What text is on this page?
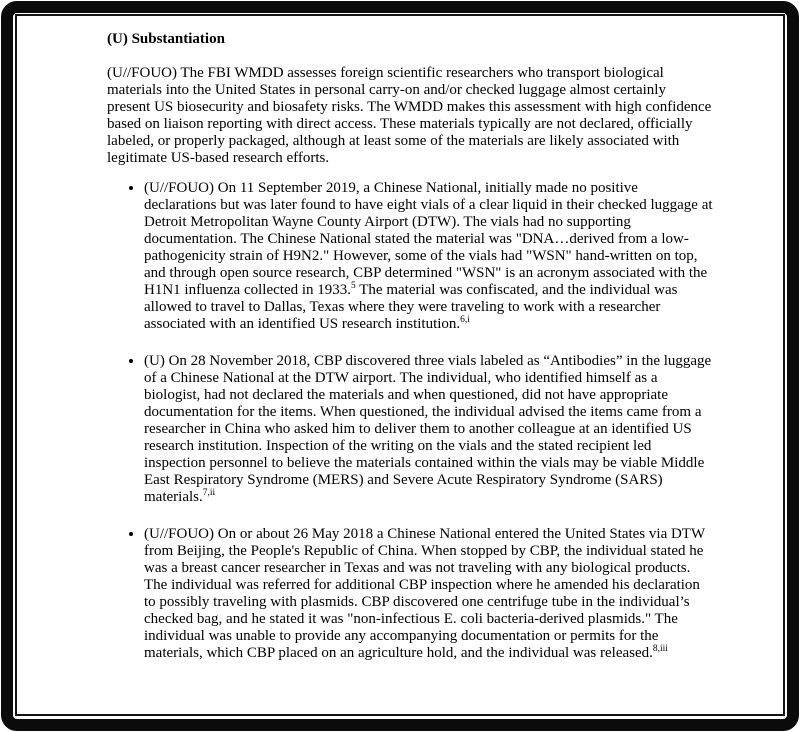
(U) Substantiation

(U//FOUO) The FBI WMDD assesses foreign scientific researchers who transport biological materials into the United States in personal carry-on and/or checked luggage almost certainly present US biosecurity and biosafety risks. The WMDD makes this assessment with high confidence based on liaison reporting with direct access. These materials typically are not declared, officially labeled, or properly packaged, although at least some of the materials are likely associated with legitimate US-based research efforts.

• (U//FOUO) On 11 September 2019, a Chinese National, initially made no positive declarations but was later found to have eight vials of a clear liquid in their checked luggage at Detroit Metropolitan Wayne County Airport (DTW). The vials had no supporting documentation. The Chinese National stated the material was "DNA…derived from a low-pathogenicity strain of H9N2." However, some of the vials had "WSN" hand-written on top, and through open source research, CBP determined "WSN" is an acronym associated with the H1N1 influenza collected in 1933.$^5$ The material was confiscated, and the individual was allowed to travel to Dallas, Texas where they were traveling to work with a researcher associated with an identified US research institution.$^{6,i}$
• (U) On 28 November 2018, CBP discovered three vials labeled as “Antibodies” in the luggage of a Chinese National at the DTW airport. The individual, who identified himself as a biologist, had not declared the materials and when questioned, did not have appropriate documentation for the items. When questioned, the individual advised the items came from a researcher in China who asked him to deliver them to another colleague at an identified US research institution. Inspection of the writing on the vials and the stated recipient led inspection personnel to believe the materials contained within the vials may be viable Middle East Respiratory Syndrome (MERS) and Severe Acute Respiratory Syndrome (SARS) materials.$^{7,ii}$
• (U//FOUO) On or about 26 May 2018 a Chinese National entered the United States via DTW from Beijing, the People's Republic of China. When stopped by CBP, the individual stated he was a breast cancer researcher in Texas and was not traveling with any biological products. The individual was referred for additional CBP inspection where he amended his declaration to possibly traveling with plasmids. CBP discovered one centrifuge tube in the individual’s checked bag, and he stated it was "non-infectious E. coli bacteria-derived plasmids." The individual was unable to provide any accompanying documentation or permits for the materials, which CBP placed on an agriculture hold, and the individual was released.$^{8,iii}$
